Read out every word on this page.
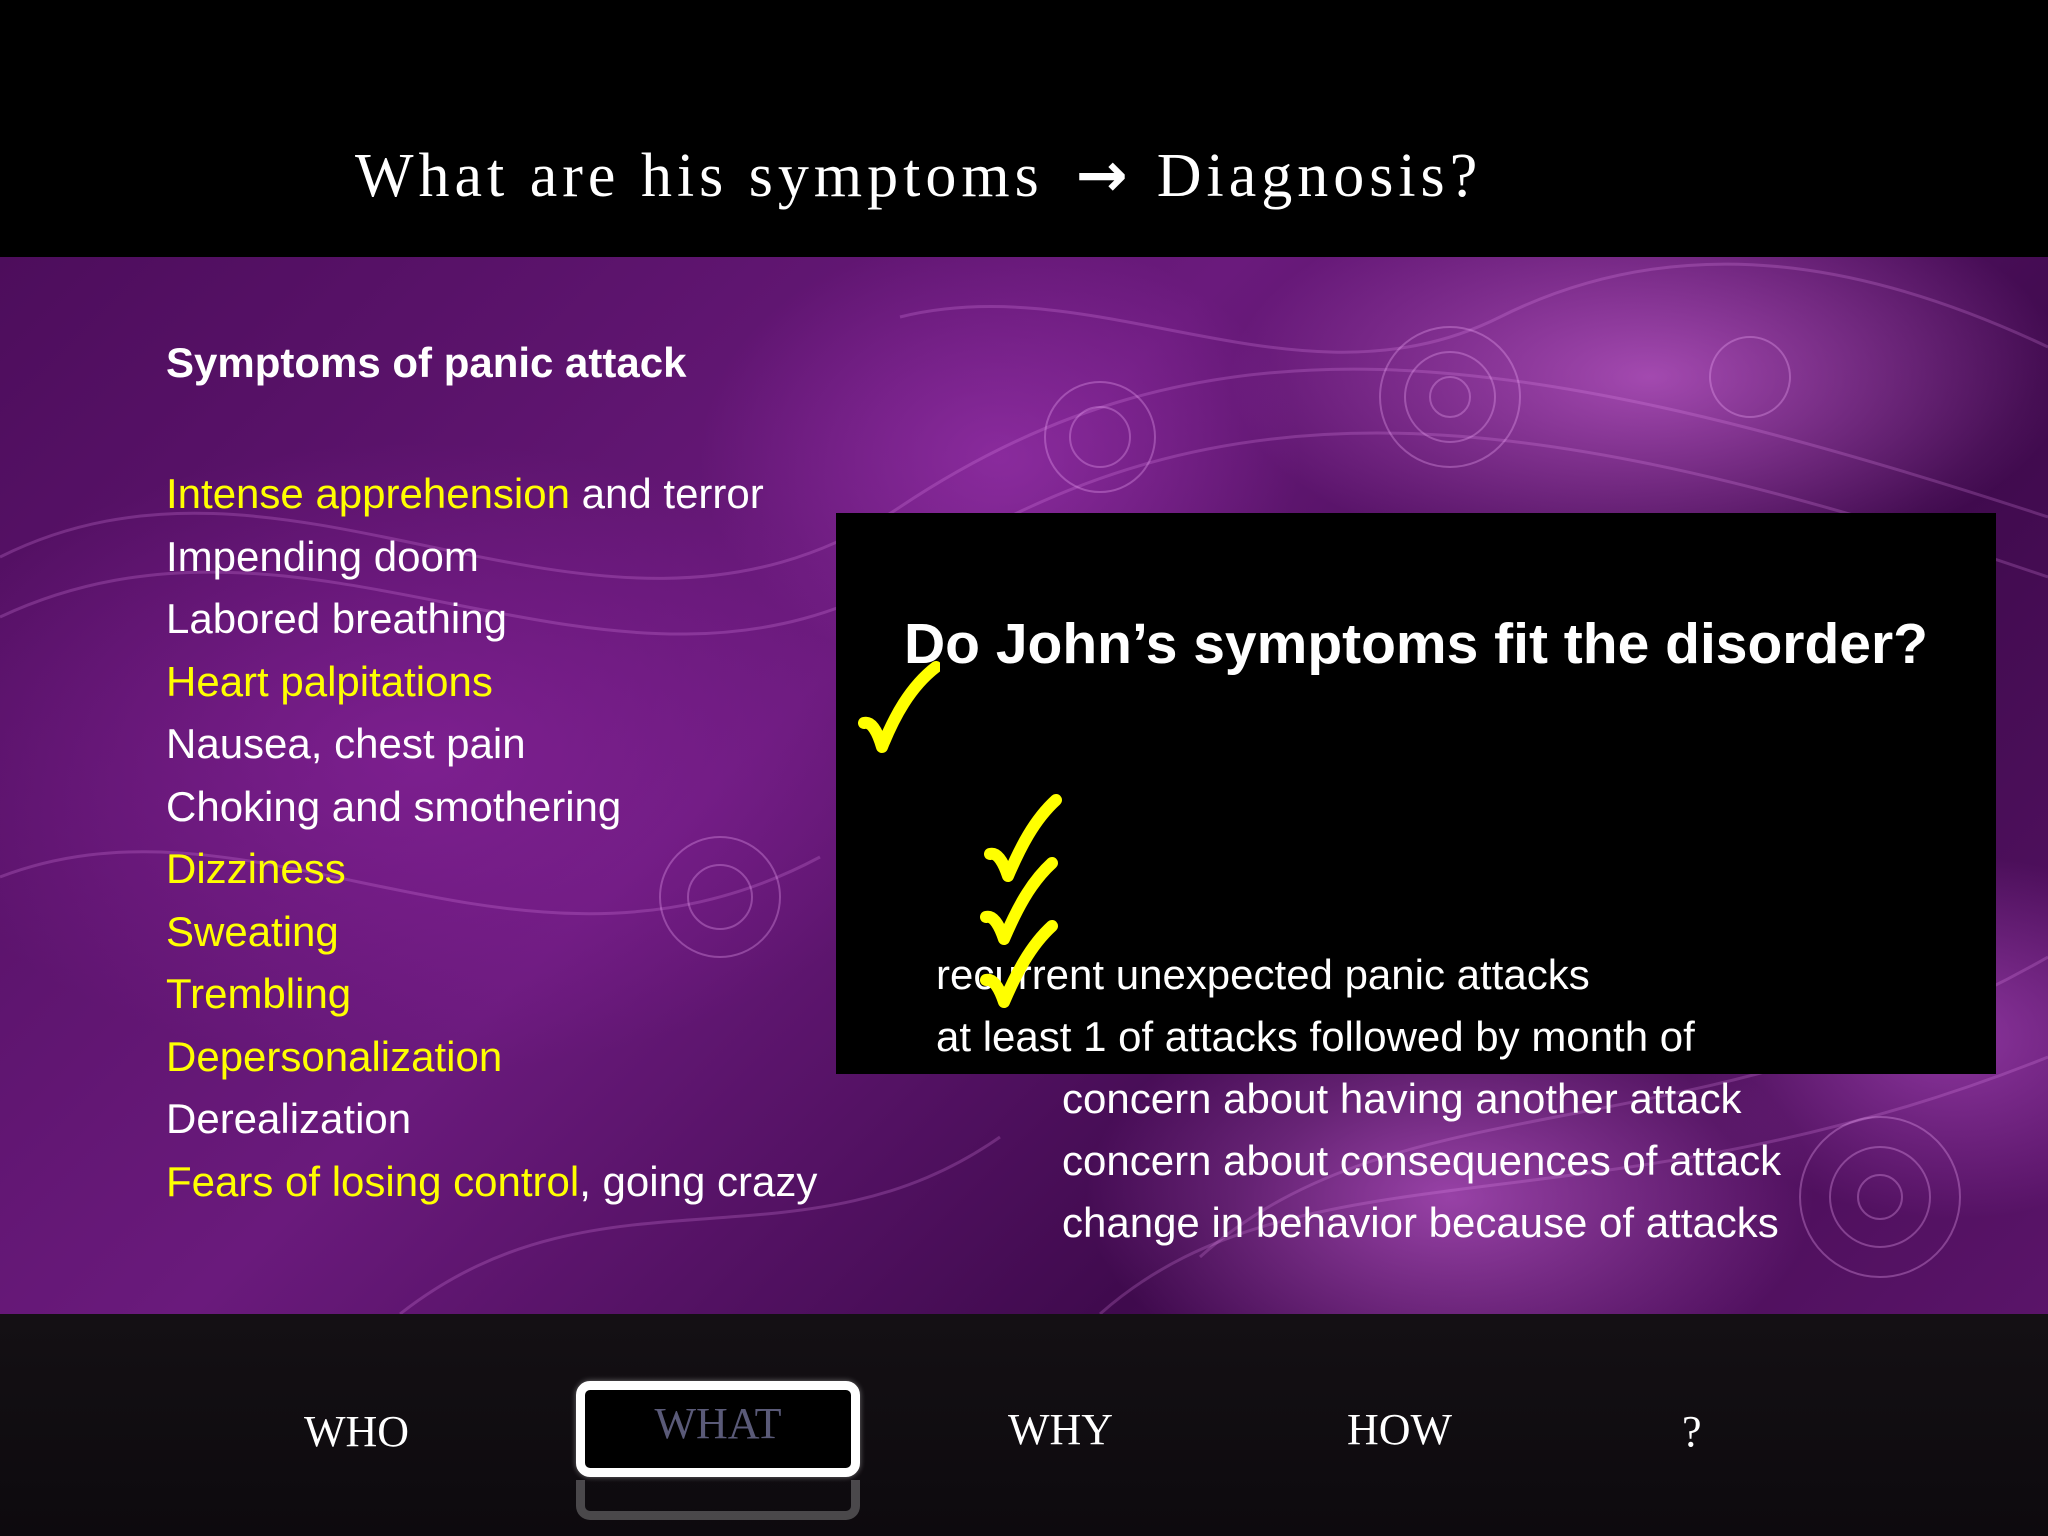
What are his symptoms → Diagnosis?
Symptoms of panic attack
Intense apprehension and terror
Impending doom
Labored breathing
Heart palpitations
Nausea, chest pain
Choking and smothering
Dizziness
Sweating
Trembling
Depersonalization
Derealization
Fears of losing control, going crazy
Do John’s symptoms fit the disorder?
recurrent unexpected panic attacks
at least 1 of attacks followed by month of
concern about having another attack
concern about consequences of attack
change in behavior because of attacks
WHO	WHAT	WHY	HOW	?
